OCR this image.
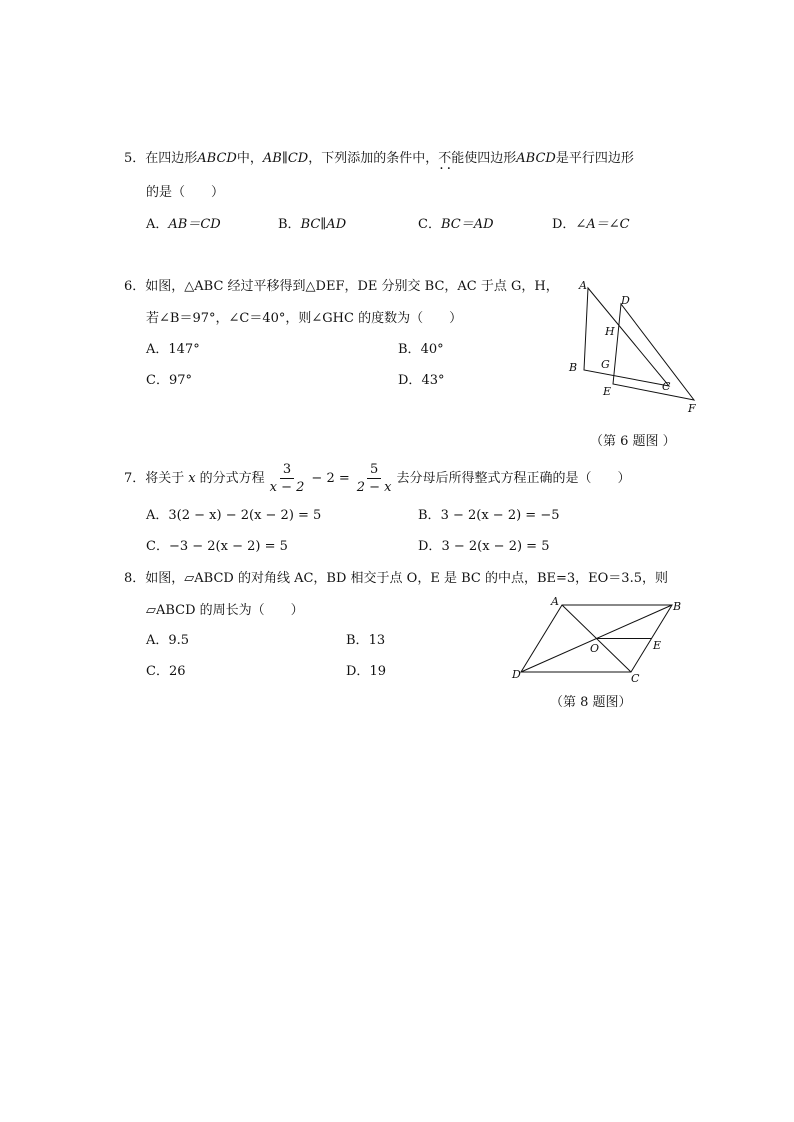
5．在四边形ABCD中，AB∥CD，下列添加的条件中，不能 ··使四边形ABCD是平行四边形
的是（　　）
A．AB＝CD	B．BC∥AD	C．BC＝AD	D．∠A＝∠C
6．如图，△ABC 经过平移得到△DEF，DE 分别交 BC，AC 于点 G，H，
若∠B＝97°，∠C＝40°，则∠GHC 的度数为（　　）
A．147°	B．40°
C．97°	D．43°
A
D
H
G
B
E	C
F
（第 6 题图 ）
7． 将关于 x 的分式方程 $\frac{3}{x - 2} - 2 = \frac{5}{2 - x}$ 去分母后所得整式方程正确的是（　　）
A．3(2 − x) − 2(x − 2) = 5	B．3 − 2(x − 2) = −5
C．−3 − 2(x − 2) = 5	D．3 − 2(x − 2) = 5
8．如图，▱ABCD 的对角线 AC，BD 相交于点 O，E 是 BC 的中点，BE=3，EO＝3.5，则
▱ABCD 的周长为（　　）
A．9.5	B．13
C．26	D．19
A	B
O	E
D	C
（第 8 题图）
